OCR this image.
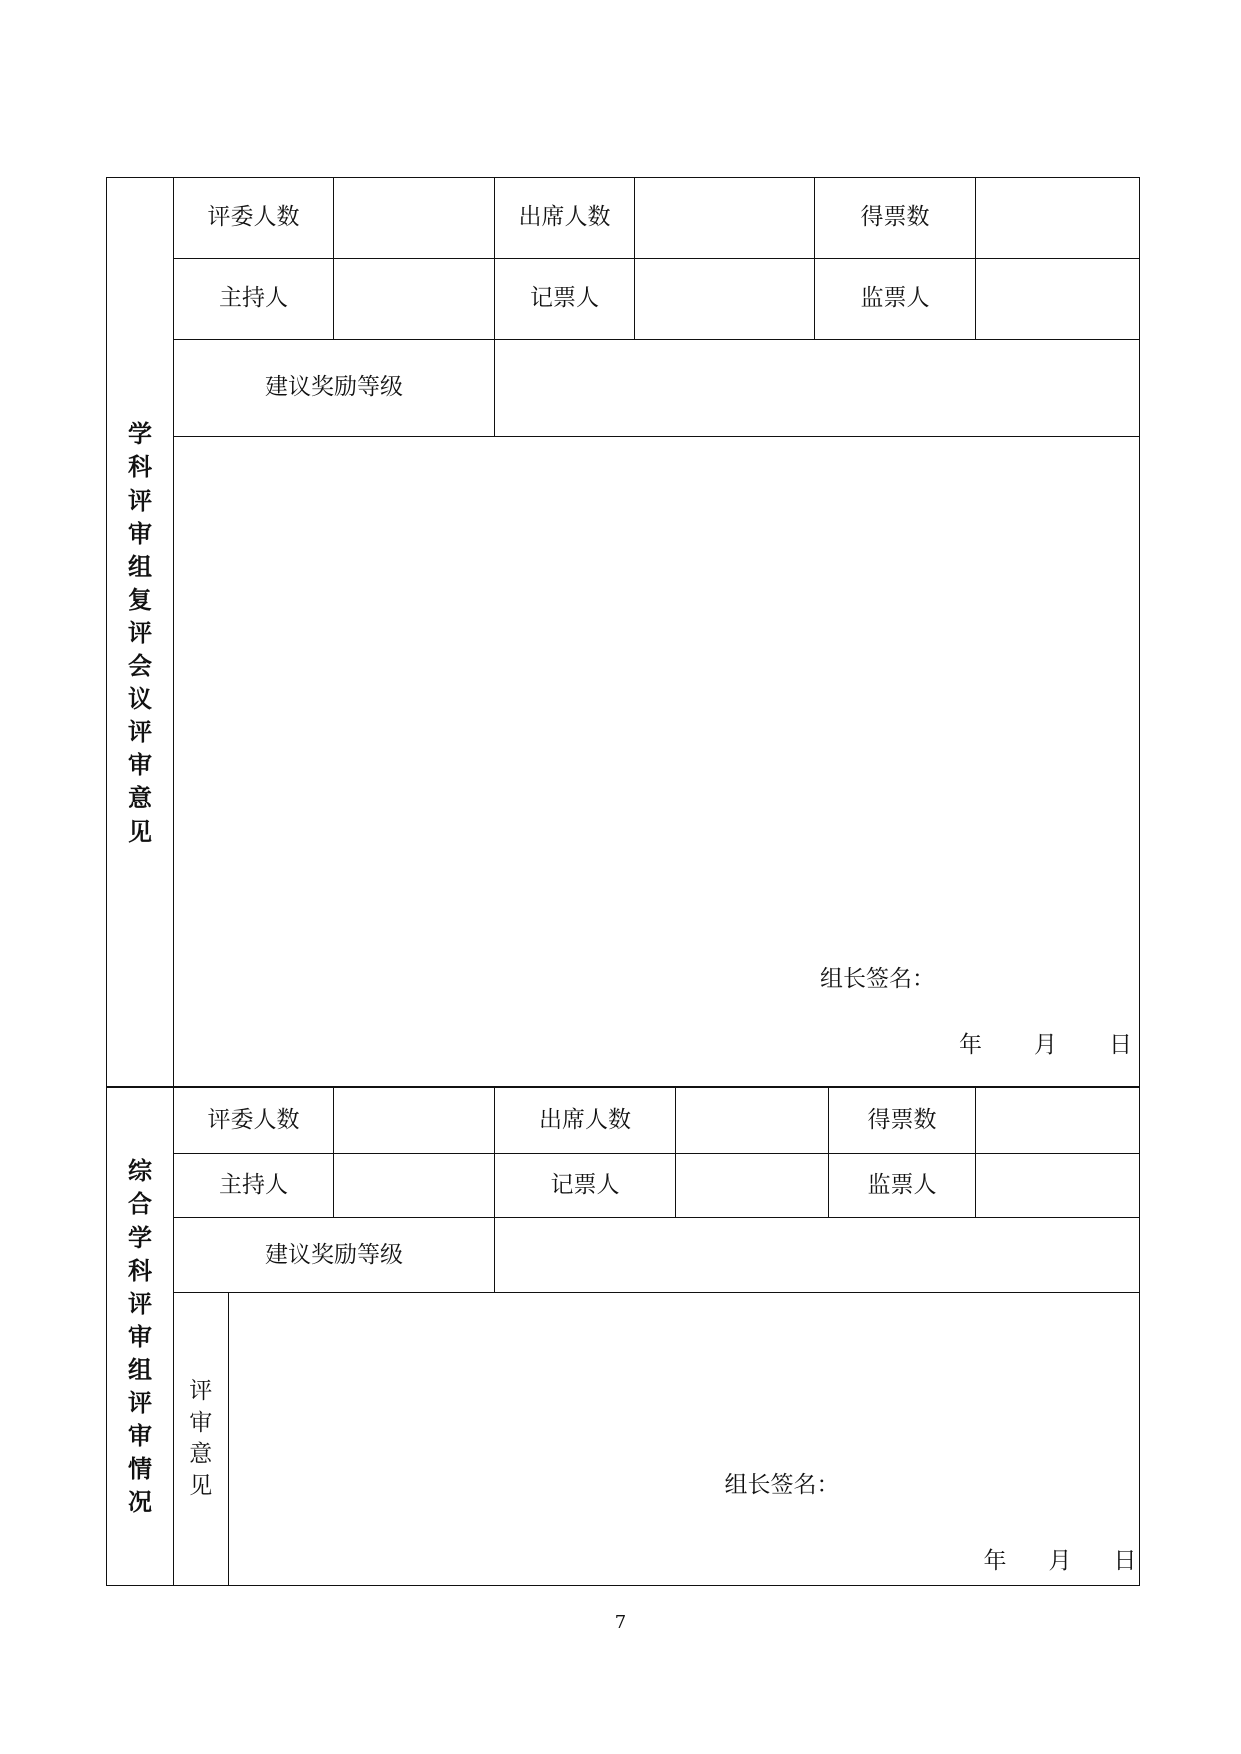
学科评审组复评会议评审意见	评委人数		出席人数		得票数	
	主持人		记票人		监票人	
	建议奖励等级					

	组长签名：
年 月 日					
综合学科评审组评审情况	评委人数		出席人数		得票数	
主持人		记票人		监票人	
建议奖励等级	

评审意见	组长签名：
年 月 日
7
